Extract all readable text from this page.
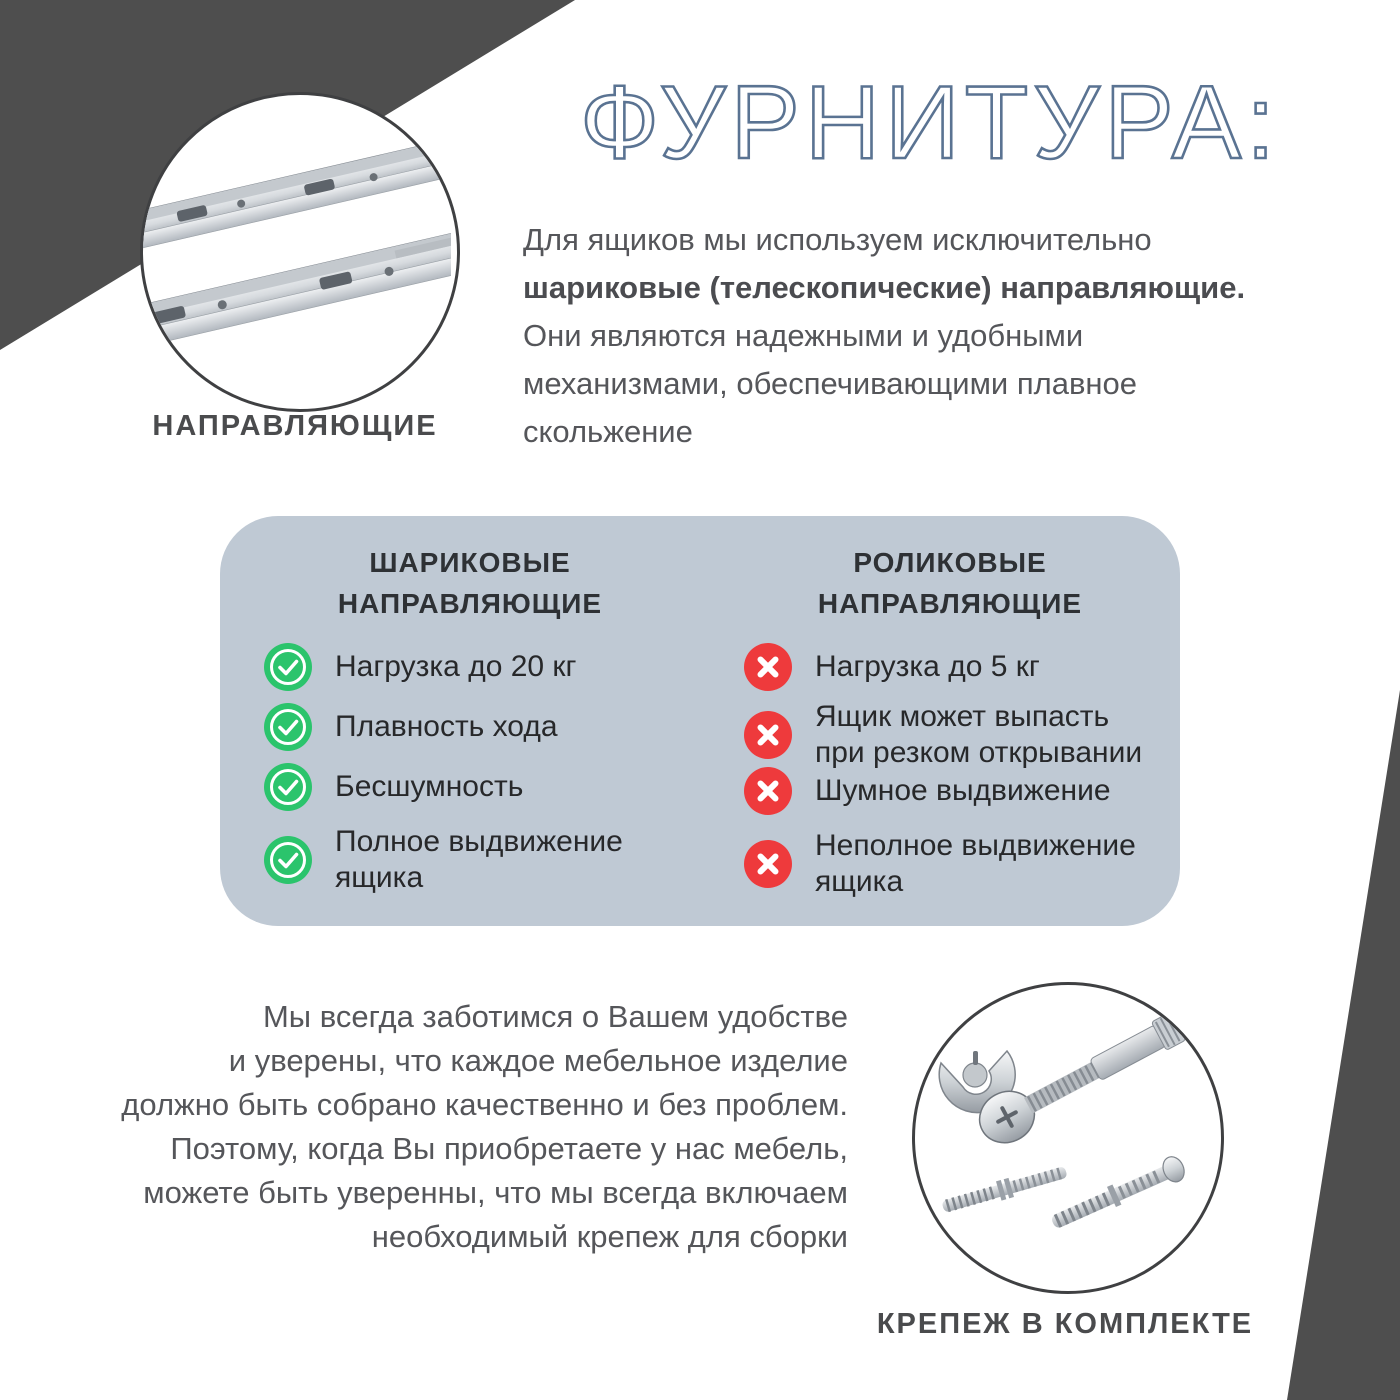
НАПРАВЛЯЮЩИЕ
ФУРНИТУРА:
Для ящиков мы используем исключительно
шариковые (телескопические) направляющие.
Они являются надежными и удобными
механизмами, обеспечивающими плавное
скольжение
ШАРИКОВЫЕ
НАПРАВЛЯЮЩИЕ
РОЛИКОВЫЕ
НАПРАВЛЯЮЩИЕ
Нагрузка до 20 кг
Плавность хода
Бесшумность
Полное выдвижение ящика
Нагрузка до 5 кг
Ящик может выпасть при резком открывании
Шумное выдвижение
Неполное выдвижение ящика
Мы всегда заботимся о Вашем удобстве
и уверены, что каждое мебельное изделие
должно быть собрано качественно и без проблем.
Поэтому, когда Вы приобретаете у нас мебель,
можете быть уверенны, что мы всегда включаем
необходимый крепеж для сборки
КРЕПЕЖ В КОМПЛЕКТЕ
